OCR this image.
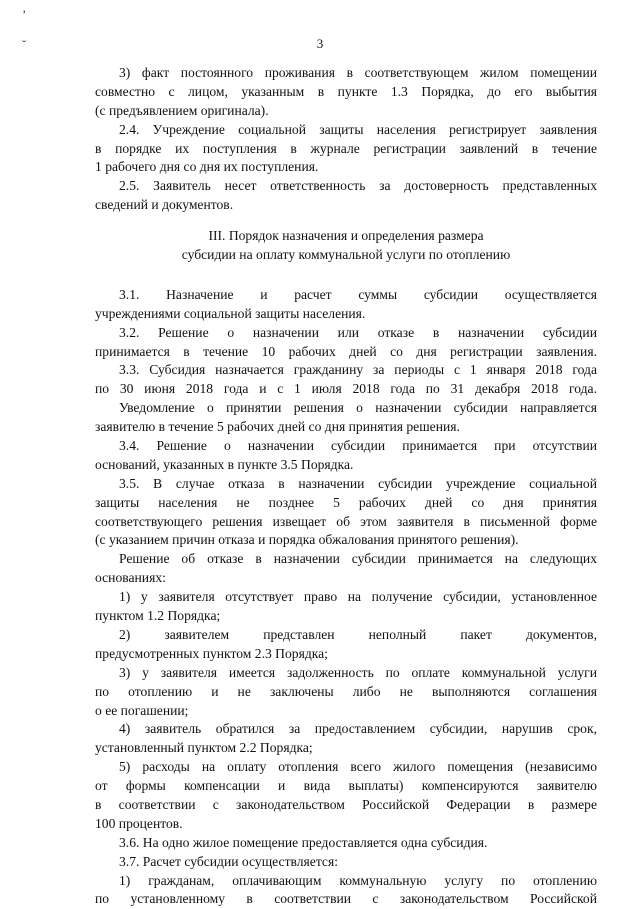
3
’
˘
3) факт постоянного проживания в соответствующем жилом помещении
совместно с лицом, указанным в пункте 1.3 Порядка, до его выбытия
(с предъявлением оригинала).
2.4. Учреждение социальной защиты населения регистрирует заявления
в порядке их поступления в журнале регистрации заявлений в течение
1 рабочего дня со дня их поступления.
2.5. Заявитель несет ответственность за достоверность представленных
сведений и документов.
III. Порядок назначения и определения размера
субсидии на оплату коммунальной услуги по отоплению
3.1. Назначение и расчет суммы субсидии осуществляется
учреждениями социальной защиты населения.
3.2. Решение о назначении или отказе в назначении субсидии
принимается в течение 10 рабочих дней со дня регистрации заявления.
3.3. Субсидия назначается гражданину за периоды с 1 января 2018 года
по 30 июня 2018 года и с 1 июля 2018 года по 31 декабря 2018 года.
Уведомление о принятии решения о назначении субсидии направляется
заявителю в течение 5 рабочих дней со дня принятия решения.
3.4. Решение о назначении субсидии принимается при отсутствии
оснований, указанных в пункте 3.5 Порядка.
3.5. В случае отказа в назначении субсидии учреждение социальной
защиты населения не позднее 5 рабочих дней со дня принятия
соответствующего решения извещает об этом заявителя в письменной форме
(с указанием причин отказа и порядка обжалования принятого решения).
Решение об отказе в назначении субсидии принимается на следующих
основаниях:
1) у заявителя отсутствует право на получение субсидии, установленное
пунктом 1.2 Порядка;
2) заявителем представлен неполный пакет документов,
предусмотренных пунктом 2.3 Порядка;
3) у заявителя имеется задолженность по оплате коммунальной услуги
по отоплению и не заключены либо не выполняются соглашения
о ее погашении;
4) заявитель обратился за предоставлением субсидии, нарушив срок,
установленный пунктом 2.2 Порядка;
5) расходы на оплату отопления всего жилого помещения (независимо
от формы компенсации и вида выплаты) компенсируются заявителю
в соответствии с законодательством Российской Федерации в размере
100 процентов.
3.6. На одно жилое помещение предоставляется одна субсидия.
3.7. Расчет субсидии осуществляется:
1) гражданам, оплачивающим коммунальную услугу по отоплению
по установленному в соответствии с законодательством Российской
